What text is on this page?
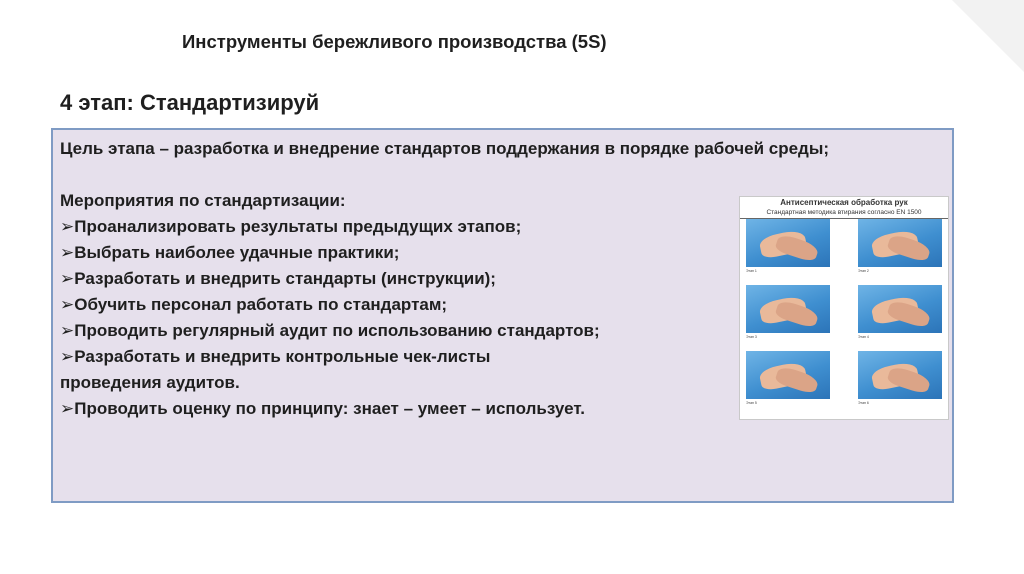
Инструменты бережливого производства (5S)
4 этап: Стандартизируй

Цель этапа – разработка и внедрение стандартов поддержания в порядке рабочей среды;

Мероприятия по стандартизации:

➢Проанализировать результаты предыдущих этапов;
➢Выбрать наиболее удачные практики;
➢Разработать и внедрить стандарты (инструкции);
➢Обучить персонал работать по стандартам;
➢Проводить регулярный аудит по использованию стандартов;
➢Разработать и внедрить контрольные чек-листы
проведения аудитов.
➢Проводить оценку по принципу: знает – умеет – использует.
Антисептическая обработка рук
Стандартная методика втирания согласно EN 1500
Этап 1	Этап 2
Этап 3	Этап 4
Этап 5	Этап 6
